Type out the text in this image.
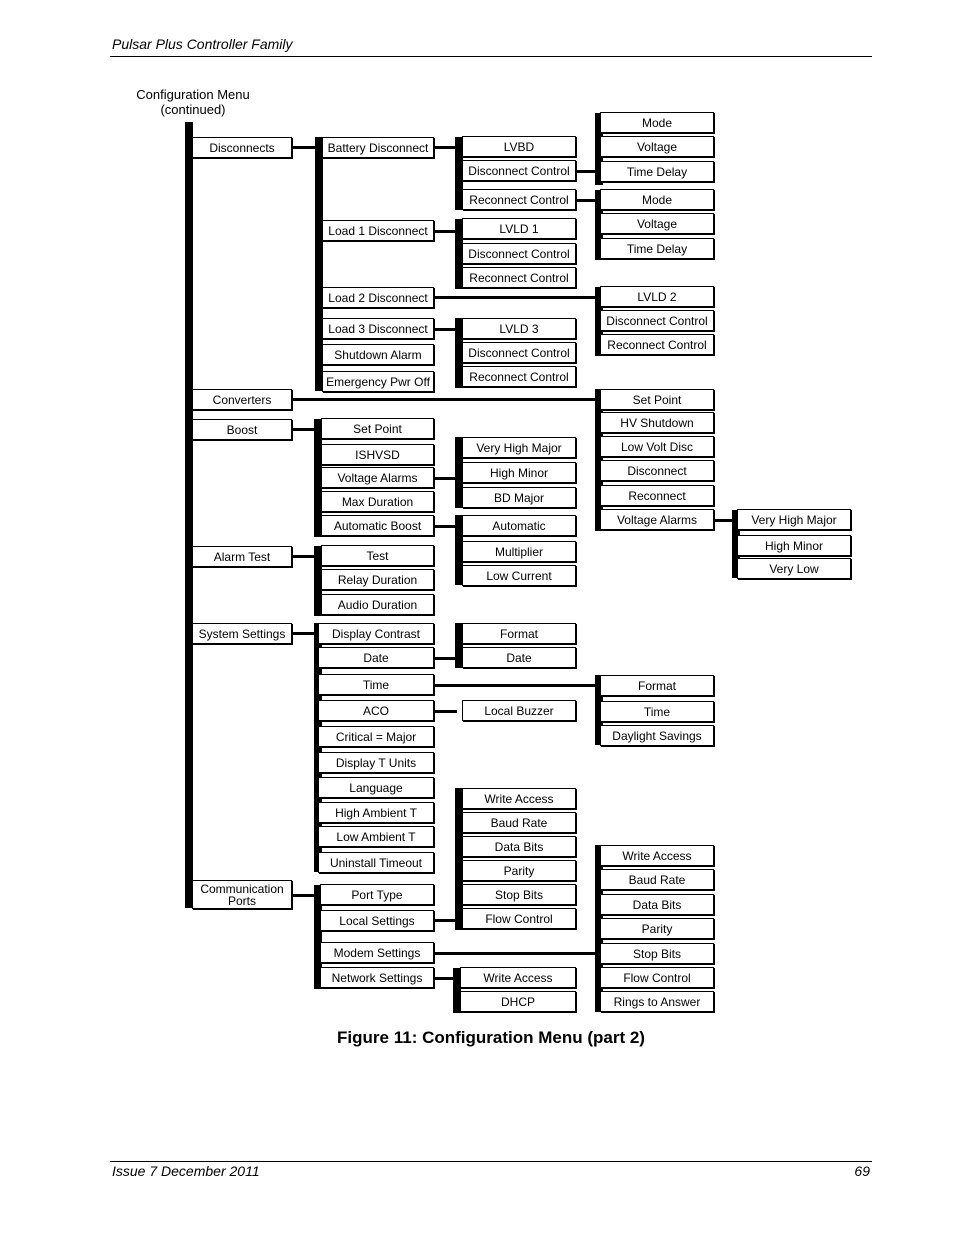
Pulsar Plus Controller Family
Issue 7 December 2011	69
Figure 11: Configuration Menu (part 2)
Configuration Menu
(continued)
Disconnects
Converters
Boost
Alarm Test
System Settings
Communication
Ports
Battery Disconnect
Load 1 Disconnect
Load 2 Disconnect
Load 3 Disconnect
Shutdown Alarm
Emergency Pwr Off
LVBD
Disconnect Control
Reconnect Control
LVLD 1
Disconnect Control
Reconnect Control
LVLD 3
Disconnect Control
Reconnect Control
Mode
Voltage
Time Delay
Mode
Voltage
Time Delay
LVLD 2
Disconnect Control
Reconnect Control
Set Point
HV Shutdown
Low Volt Disc
Disconnect
Reconnect
Voltage Alarms	Very High Major
High Minor
Very Low
Set Point
ISHVSD
Voltage Alarms
Max Duration
Automatic Boost
Very High Major
High Minor
BD Major
Automatic
Multiplier
Low Current
Test
Relay Duration
Audio Duration
Display Contrast
Date
Time
ACO
Critical = Major
Display T Units
Language
High Ambient T
Low Ambient T
Uninstall Timeout
Format
Date
Local Buzzer
Format
Time
Daylight Savings
Port Type
Local Settings
Modem Settings
Network Settings
Write Access
Baud Rate
Data Bits
Parity
Stop Bits
Flow Control
Write Access
Baud Rate
Data Bits
Parity
Stop Bits
Flow Control
Rings to Answer
Write Access
DHCP
